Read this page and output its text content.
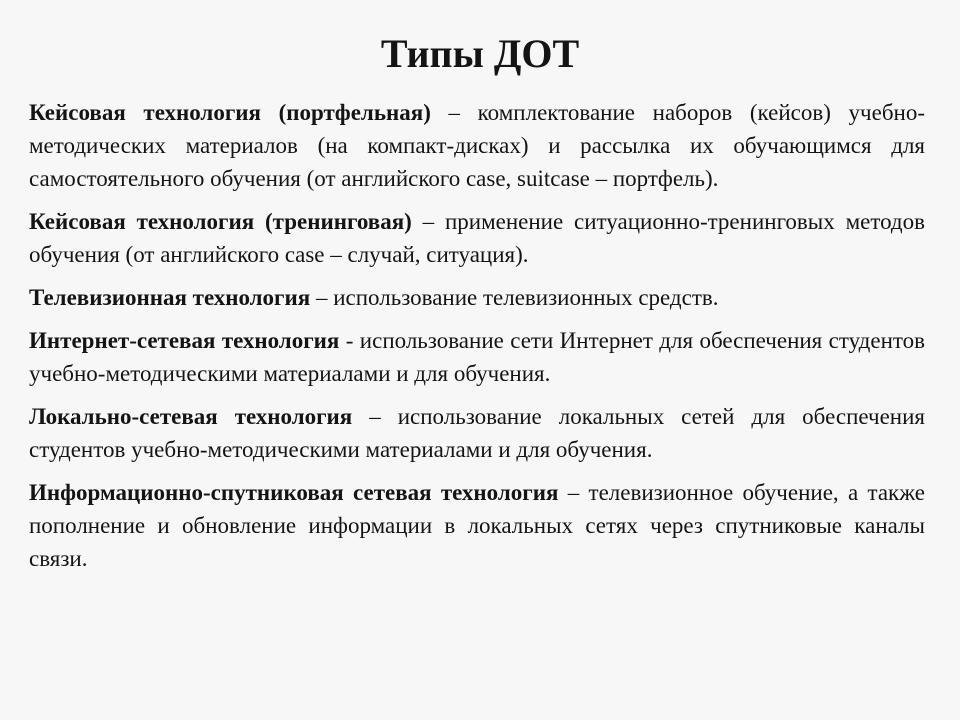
Типы ДОТ

Кейсовая технология (портфельная) – комплектование наборов (кейсов) учебно-методических материалов (на компакт-дисках) и рассылка их обучающимся для самостоятельного обучения (от английского case, suitcase – портфель).

Кейсовая технология (тренинговая) – применение ситуационно-тренинговых методов обучения (от английского case – случай, ситуация).

Телевизионная технология – использование телевизионных средств.

Интернет-сетевая технология - использование сети Интернет для обеспечения студентов учебно-методическими материалами и для обучения.

Локально-сетевая технология – использование локальных сетей для обеспечения студентов учебно-методическими материалами и для обучения.

Информационно-спутниковая сетевая технология – телевизионное обучение, а также пополнение и обновление информации в локальных сетях через спутниковые каналы связи.
